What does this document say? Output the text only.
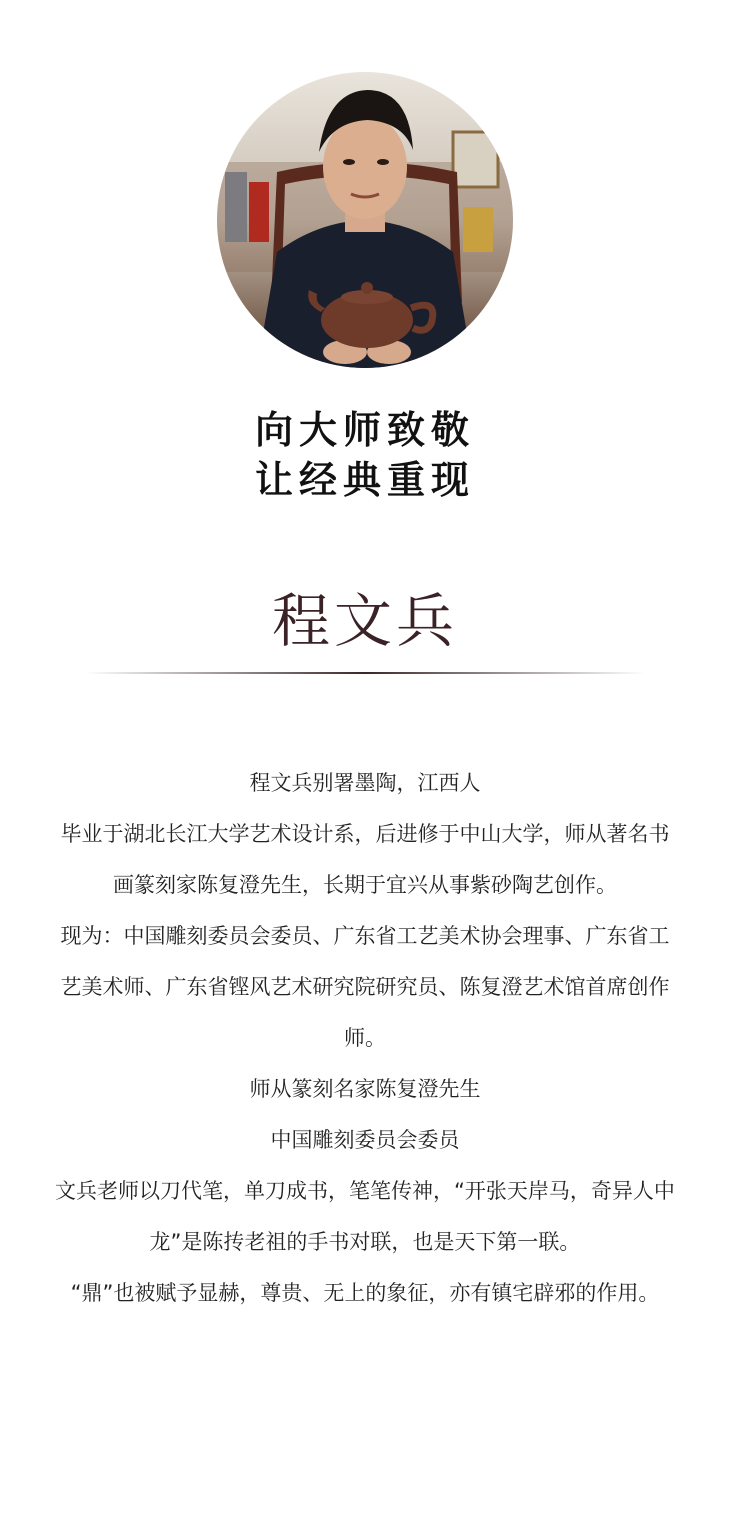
向大师致敬
让经典重现
程文兵

程文兵别署墨陶，江西人

毕业于湖北长江大学艺术设计系，后进修于中山大学，师从著名书画篆刻家陈复澄先生，长期于宜兴从事紫砂陶艺创作。

现为：中国雕刻委员会委员、广东省工艺美术协会理事、广东省工艺美术师、广东省铿风艺术研究院研究员、陈复澄艺术馆首席创作师。

师从篆刻名家陈复澄先生

中国雕刻委员会委员

文兵老师以刀代笔，单刀成书，笔笔传神，“开张天岸马，奇异人中龙”是陈抟老祖的手书对联，也是天下第一联。

“鼎”也被赋予显赫，尊贵、无上的象征，亦有镇宅辟邪的作用。
